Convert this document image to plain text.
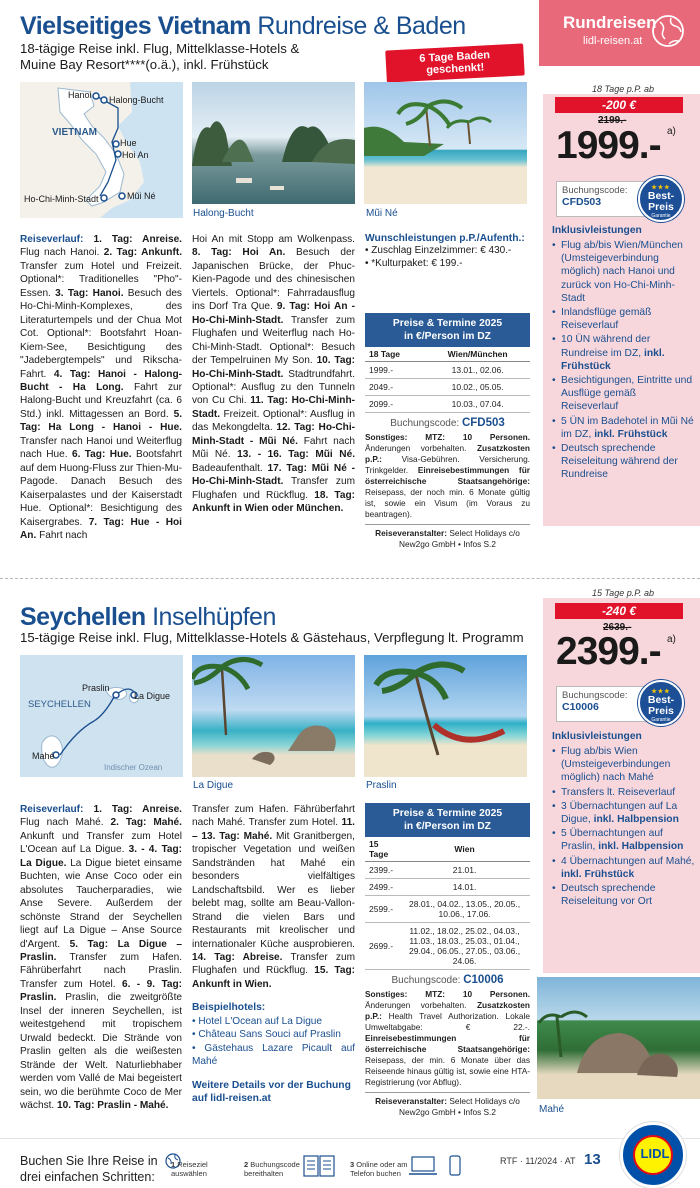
Rundreisen
lidl-reisen.at
Vielseitiges Vietnam Rundreise & Baden
18-tägige Reise inkl. Flug, Mittelklasse-Hotels &
Muine Bay Resort****(o.ä.), inkl. Frühstück	6 Tage Baden geschenkt!
VIETNAM
Hanoi Halong-Bucht
Hue
Hoi An
Ho-Chi-Minh-Stadt	Mũi Né
Halong-Bucht	Mũi Né
Reiseverlauf: 1. Tag: Anreise. Flug nach Hanoi. 2. Tag: Ankunft. Transfer zum Hotel und Freizeit. Optional*: Traditionelles "Pho"-Essen. 3. Tag: Hanoi. Besuch des Ho-Chi-Minh-Komplexes, des Literaturtempels und der Chua Mot Cot. Optional*: Bootsfahrt Hoan-Kiem-See, Besichtigung des "Jadebergtempels" und Rikscha-Fahrt. 4. Tag: Hanoi - Halong-Bucht - Ha Long. Fahrt zur Halong-Bucht und Kreuzfahrt (ca. 6 Std.) inkl. Mittagessen an Bord. 5. Tag: Ha Long - Hanoi - Hue. Transfer nach Hanoi und Weiterflug nach Hue. 6. Tag: Hue. Bootsfahrt auf dem Huong-Fluss zur Thien-Mu-Pagode. Danach Besuch des Kaiserpalastes und der Kaiserstadt Hue. Optional*: Besichtigung des Kaisergrabes. 7. Tag: Hue - Hoi An. Fahrt nach
Hoi An mit Stopp am Wolkenpass. 8. Tag: Hoi An. Besuch der Japanischen Brücke, der Phuc-Kien-Pagode und des chinesischen Viertels. Optional*: Fahrradausflug ins Dorf Tra Que. 9. Tag: Hoi An - Ho-Chi-Minh-Stadt. Transfer zum Flughafen und Weiterflug nach Ho-Chi-Minh-Stadt. Optional*: Besuch der Tempelruinen My Son. 10. Tag: Ho-Chi-Minh-Stadt. Stadtrundfahrt. Optional*: Ausflug zu den Tunneln von Cu Chi. 11. Tag: Ho-Chi-Minh-Stadt. Freizeit. Optional*: Ausflug in das Mekongdelta. 12. Tag: Ho-Chi-Minh-Stadt - Mũi Né. Fahrt nach Mũi Né. 13. - 16. Tag: Mũi Né. Badeaufenthalt. 17. Tag: Mũi Né - Ho-Chi-Minh-Stadt. Transfer zum Flughafen und Rückflug. 18. Tag: Ankunft in Wien oder München.
Wunschleistungen p.P./Aufenth.:
• Zuschlag Einzelzimmer: € 430.-
• *Kulturpaket: € 199.-
Preise & Termine 2025
in €/Person im DZ
18 Tage	Wien/München
1999.-	13.01., 02.06.
2049.-	10.02., 05.05.
2099.-	10.03., 07.04.
Buchungscode: CFD503
Sonstiges: MTZ: 10 Personen. Änderungen vorbehalten. Zusatzkosten p.P.: Visa-Gebühren. Versicherung. Trinkgelder. Einreisebestimmungen für österreichische Staatsangehörige: Reisepass, der noch min. 6 Monate gültig ist, sowie ein Visum (im Voraus zu beantragen).
Reiseveranstalter: Select Holidays c/o New2go GmbH • Infos S.2
18 Tage p.P. ab
-200 €
2199.-
1999.- a)
Buchungscode:
CFD503
★★★
Best-
Preis
Garantie
Inklusivleistungen
• Flug ab/bis Wien/München (Umsteigeverbindung möglich) nach Hanoi und zurück von Ho-Chi-Minh-Stadt
• Inlandsflüge gemäß Reiseverlauf
• 10 ÜN während der Rundreise im DZ, inkl. Frühstück
• Besichtigungen, Eintritte und Ausflüge gemäß Reiseverlauf
• 5 ÜN im Badehotel in Mũi Né im DZ, inkl. Frühstück
• Deutsch sprechende Reiseleitung während der Rundreise
Seychellen Inselhüpfen
15-tägige Reise inkl. Flug, Mittelklasse-Hotels & Gästehaus, Verpflegung lt. Programm
SEYCHELLEN
Praslin
La Digue
Mahé
Indischer Ozean
La Digue	Praslin
Reiseverlauf: 1. Tag: Anreise. Flug nach Mahé. 2. Tag: Mahé. Ankunft und Transfer zum Hotel L'Ocean auf La Digue. 3. - 4. Tag: La Digue. La Digue bietet einsame Buchten, wie Anse Coco oder ein absolutes Taucherparadies, wie Anse Severe. Außerdem der schönste Strand der Seychellen liegt auf La Digue – Anse Source d'Argent. 5. Tag: La Digue – Praslin. Transfer zum Hafen. Fährüberfahrt nach Praslin. Transfer zum Hotel. 6. - 9. Tag: Praslin. Praslin, die zweitgrößte Insel der inneren Seychellen, ist weitestgehend mit tropischem Urwald bedeckt. Die Strände von Praslin gelten als die weißesten Strände der Welt. Naturliebhaber werden vom Vallé de Mai begeistert sein, wo die berühmte Coco de Mer wächst. 10. Tag: Praslin - Mahé.
Transfer zum Hafen. Fährüberfahrt nach Mahé. Transfer zum Hotel. 11. – 13. Tag: Mahé. Mit Granitbergen, tropischer Vegetation und weißen Sandstränden hat Mahé ein besonders vielfältiges Landschaftsbild. Wer es lieber belebt mag, sollte am Beau-Vallon-Strand die vielen Bars und Restaurants mit kreolischer und internationaler Küche ausprobieren. 14. Tag: Abreise. Transfer zum Flughafen und Rückflug. 15. Tag: Ankunft in Wien.
Beispielhotels:
• Hotel L'Ocean auf La Digue
• Château Sans Souci auf Praslin
• Gästehaus Lazare Picault auf Mahé
Weitere Details vor der Buchung auf lidl-reisen.at
Preise & Termine 2025
in €/Person im DZ
15 Tage	Wien
2399.-	21.01.
2499.-	14.01.
2599.-	28.01., 04.02., 13.05., 20.05., 10.06., 17.06.
2699.-	11.02., 18.02., 25.02., 04.03., 11.03., 18.03., 25.03., 01.04., 29.04., 06.05., 27.05., 03.06., 24.06.
Buchungscode: C10006
Sonstiges: MTZ: 10 Personen. Änderungen vorbehalten. Zusatzkosten p.P.: Health Travel Authorization. Lokale Umweltabgabe: € 22.-. Einreisebestimmungen für österreichische Staatsangehörige: Reisepass, der min. 6 Monate über das Reiseende hinaus gültig ist, sowie eine HTA-Registrierung (vor Abflug).
Reiseveranstalter: Select Holidays c/o New2go GmbH • Infos S.2
15 Tage p.P. ab
-240 €
2639.-
2399.- a)
Buchungscode:
C10006
★★★
Best-
Preis
Garantie
Inklusivleistungen
• Flug ab/bis Wien (Umsteigeverbindungen möglich) nach Mahé
• Transfers lt. Reiseverlauf
• 3 Übernachtungen auf La Digue, inkl. Halbpension
• 5 Übernachtungen auf Praslin, inkl. Halbpension
• 4 Übernachtungen auf Mahé, inkl. Frühstück
• Deutsch sprechende Reiseleitung vor Ort
Mahé
Buchen Sie Ihre Reise in
drei einfachen Schritten:
1 Reiseziel
auswählen
2 Buchungscode
bereithalten
3 Online oder am
Telefon buchen
RTF · 11/2024 · AT 13	LIDL
